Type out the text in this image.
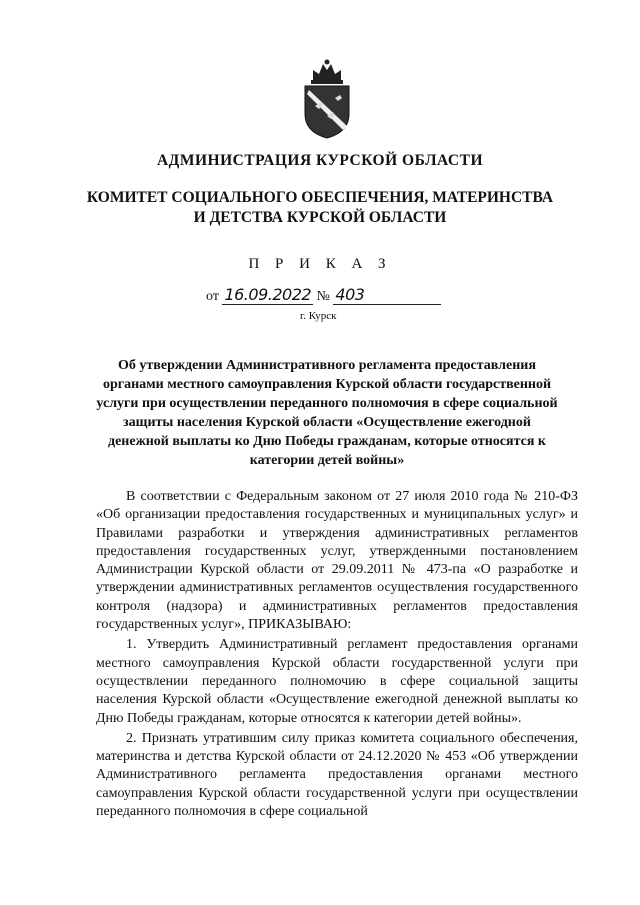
АДМИНИСТРАЦИЯ КУРСКОЙ ОБЛАСТИ
КОМИТЕТ СОЦИАЛЬНОГО ОБЕСПЕЧЕНИЯ, МАТЕРИНСТВА
И ДЕТСТВА КУРСКОЙ ОБЛАСТИ
П Р И К А З
от 16.09.2022 № 403
г. Курск
Об утверждении Административного регламента предоставления органами местного самоуправления Курской области государственной услуги при осуществлении переданного полномочия в сфере социальной защиты населения Курской области «Осуществление ежегодной денежной выплаты ко Дню Победы гражданам, которые относятся к категории детей войны»

В соответствии с Федеральным законом от 27 июля 2010 года № 210-ФЗ «Об организации предоставления государственных и муниципальных услуг» и Правилами разработки и утверждения административных регламентов предоставления государственных услуг, утвержденными постановлением Администрации Курской области от 29.09.2011 № 473-па «О разработке и утверждении административных регламентов осуществления государственного контроля (надзора) и административных регламентов предоставления государственных услуг», ПРИКАЗЫВАЮ:

1. Утвердить Административный регламент предоставления органами местного самоуправления Курской области государственной услуги при осуществлении переданного полномочию в сфере социальной защиты населения Курской области «Осуществление ежегодной денежной выплаты ко Дню Победы гражданам, которые относятся к категории детей войны».

2. Признать утратившим силу приказ комитета социального обеспечения, материнства и детства Курской области от 24.12.2020 № 453 «Об утверждении Административного регламента предоставления органами местного самоуправления Курской области государственной услуги при осуществлении переданного полномочия в сфере социальной
